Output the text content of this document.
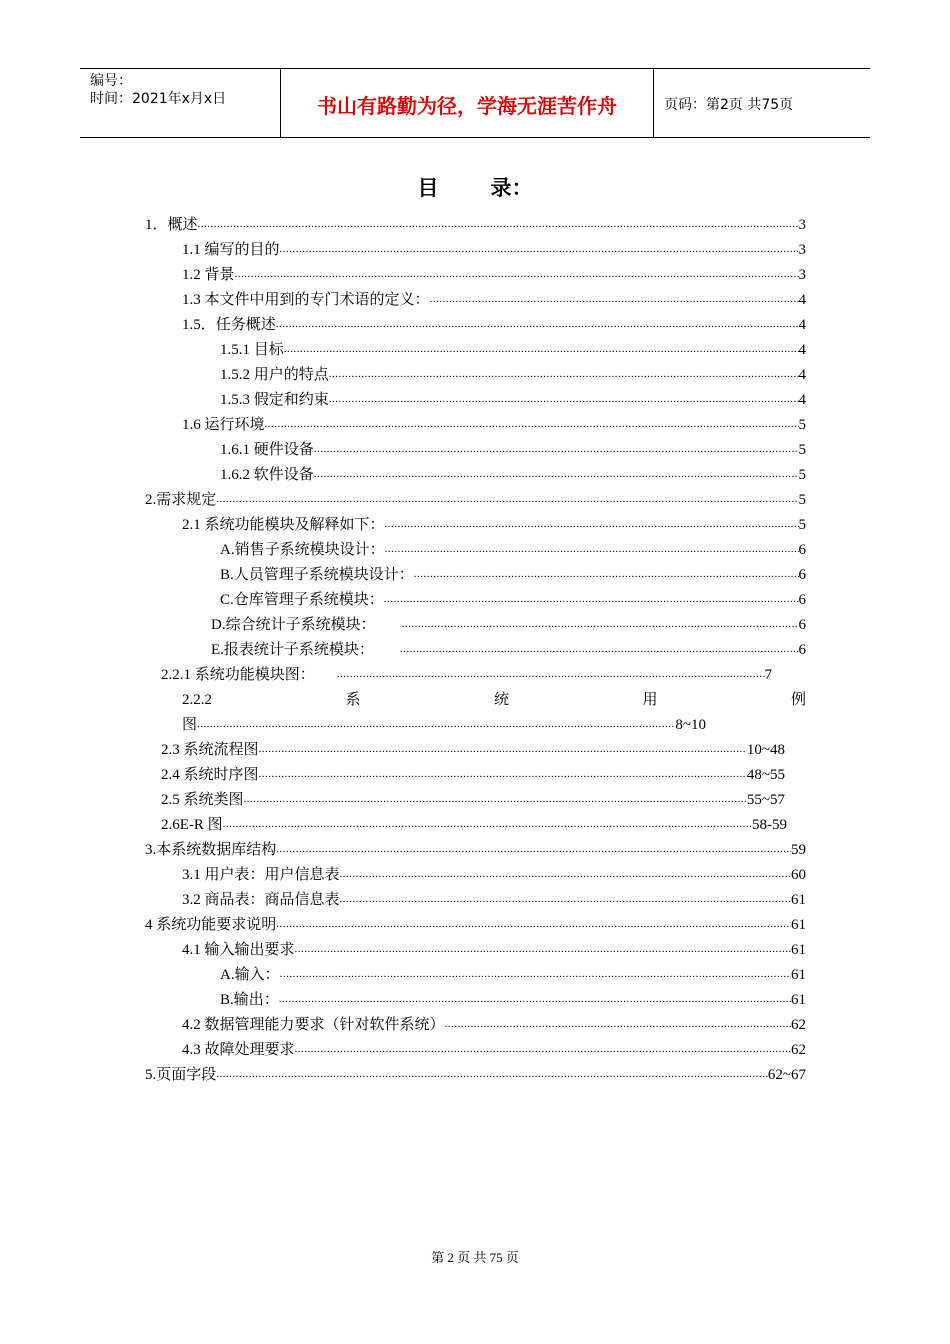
编号：
时间：2021年x月x日	书山有路勤为径，学海无涯苦作舟	页码：第2页 共75页
目 录：
1．概述 .....	3
1.1 编写的目的 .....	3
1.2 背景 .....	3
1.3 本文件中用到的专门术语的定义： .....	4
1.5．任务概述 .....	4
1.5.1 目标 .....	4
1.5.2 用户的特点 .....	4
1.5.3 假定和约束 .....	4
1.6 运行环境 .....	5
1.6.1 硬件设备 .....	5
1.6.2 软件设备 .....	5
2.需求规定 .....	5
2.1 系统功能模块及解释如下： .....	5
A.销售子系统模块设计： .....	6
B.人员管理子系统模块设计： .....	6
C.仓库管理子系统模块： .....	6
D.综合统计子系统模块： .....	6
E.报表统计子系统模块： .....	6
2.2.1 系统功能模块图： .....	7
2.2.2	系	统	用	例
图 .....	8~10
2.3 系统流程图 .....	10~48
2.4 系统时序图 .....	48~55
2.5 系统类图 .....	55~57
2.6E-R 图 .....	58-59
3.本系统数据库结构 .....	59
3.1 用户表：用户信息表 .....	60
3.2 商品表：商品信息表 .....	61
4 系统功能要求说明 .....	61
4.1 输入输出要求 .....	61
A.输入： .....	61
B.输出： .....	61
4.2 数据管理能力要求（针对软件系统） .....	62
4.3 故障处理要求 .....	62
5.页面字段 .....	62~67
第 2 页 共 75 页
